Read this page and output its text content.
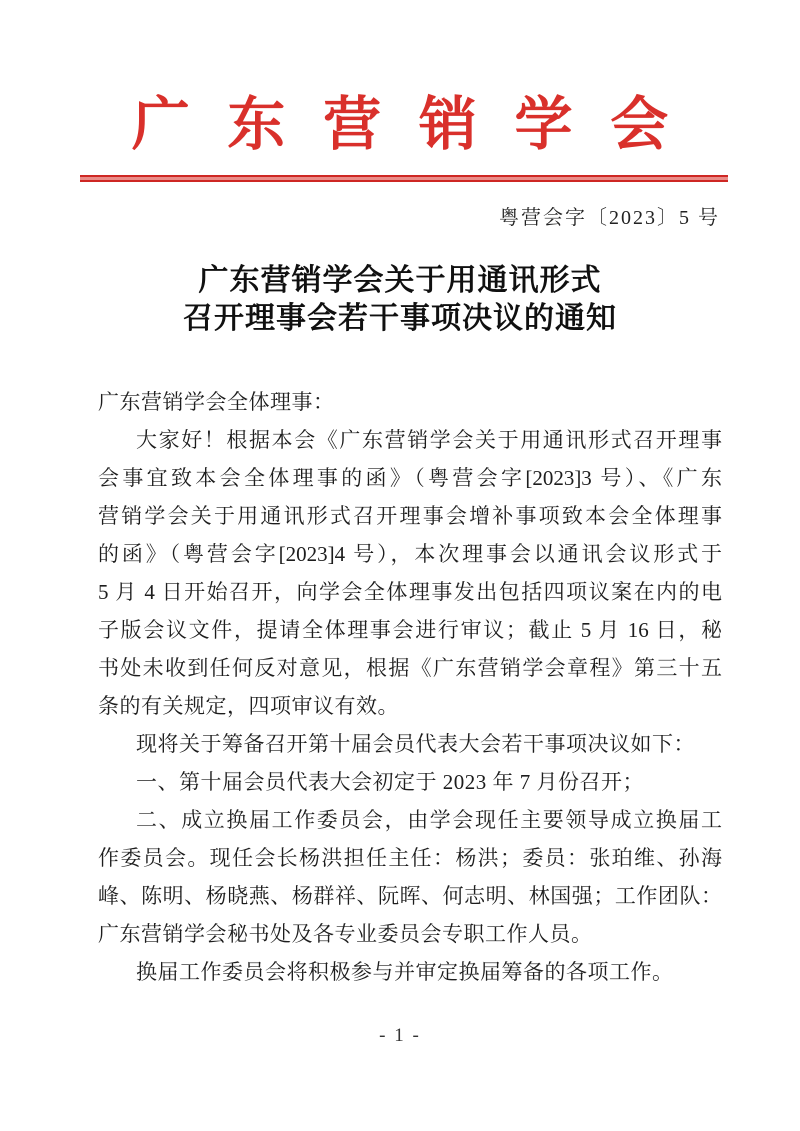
广东营销学会
粤营会字〔2023〕5 号
广东营销学会关于用通讯形式
召开理事会若干事项决议的通知
广东营销学会全体理事：
大家好！根据本会《广东营销学会关于用通讯形式召开理事
会事宜致本会全体理事的函》（粤营会字[2023]3 号）、《广东
营销学会关于用通讯形式召开理事会增补事项致本会全体理事
的函》（粤营会字[2023]4 号），本次理事会以通讯会议形式于
5 月 4 日开始召开，向学会全体理事发出包括四项议案在内的电
子版会议文件，提请全体理事会进行审议；截止 5 月 16 日，秘
书处未收到任何反对意见，根据《广东营销学会章程》第三十五
条的有关规定，四项审议有效。
现将关于筹备召开第十届会员代表大会若干事项决议如下：
一、第十届会员代表大会初定于 2023 年 7 月份召开；
二、成立换届工作委员会，由学会现任主要领导成立换届工
作委员会。现任会长杨洪担任主任：杨洪；委员：张珀维、孙海
峰、陈明、杨晓燕、杨群祥、阮晖、何志明、林国强；工作团队：
广东营销学会秘书处及各专业委员会专职工作人员。
换届工作委员会将积极参与并审定换届筹备的各项工作。
- 1 -
